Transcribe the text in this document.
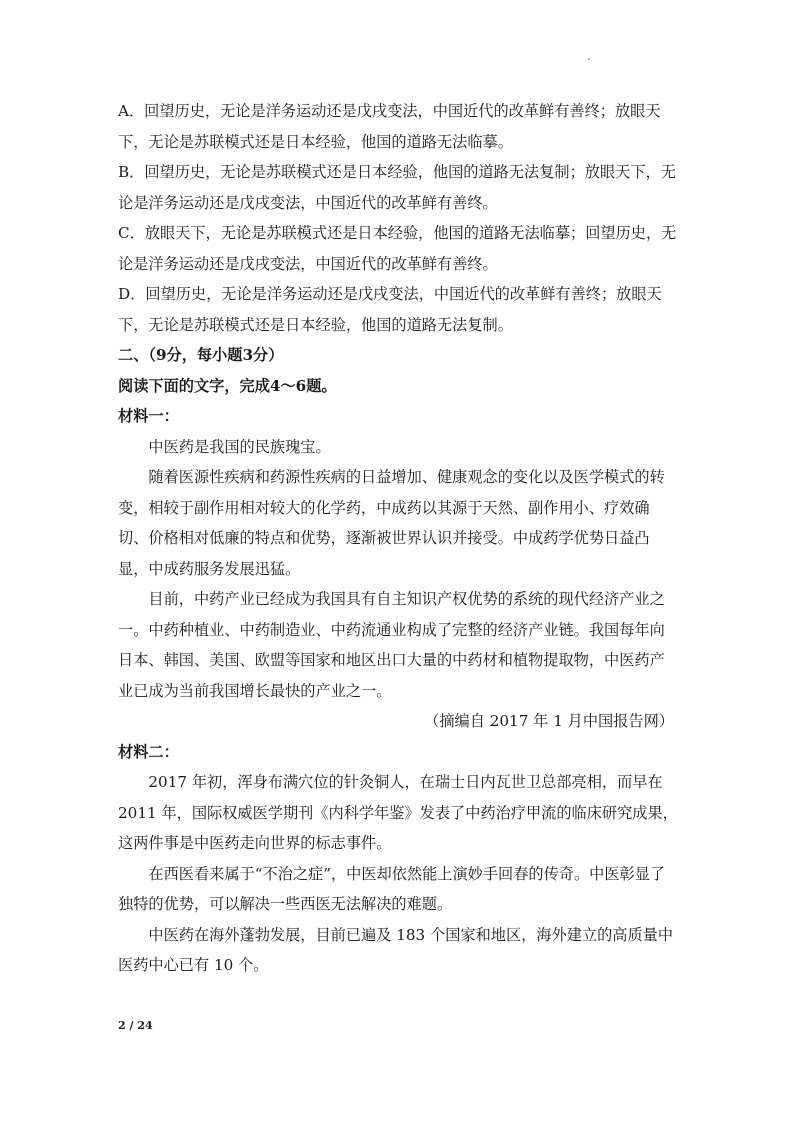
A．回望历史，无论是洋务运动还是戊戌变法，中国近代的改革鲜有善终；放眼天下，无论是苏联模式还是日本经验，他国的道路无法临摹。

B．回望历史，无论是苏联模式还是日本经验，他国的道路无法复制；放眼天下，无论是洋务运动还是戊戌变法，中国近代的改革鲜有善终。

C．放眼天下，无论是苏联模式还是日本经验，他国的道路无法临摹；回望历史，无论是洋务运动还是戊戌变法，中国近代的改革鲜有善终。

D．回望历史，无论是洋务运动还是戊戌变法，中国近代的改革鲜有善终；放眼天下，无论是苏联模式还是日本经验，他国的道路无法复制。

二、（9分，每小题3分）

阅读下面的文字，完成4～6题。

材料一：

中医药是我国的民族瑰宝。

随着医源性疾病和药源性疾病的日益增加、健康观念的变化以及医学模式的转变，相较于副作用相对较大的化学药，中成药以其源于天然、副作用小、疗效确切、价格相对低廉的特点和优势，逐渐被世界认识并接受。中成药学优势日益凸显，中成药服务发展迅猛。

目前，中药产业已经成为我国具有自主知识产权优势的系统的现代经济产业之一。中药种植业、中药制造业、中药流通业构成了完整的经济产业链。我国每年向日本、韩国、美国、欧盟等国家和地区出口大量的中药材和植物提取物，中医药产业已成为当前我国增长最快的产业之一。

（摘编自 2017 年 1 月中国报告网）

材料二：

2017 年初，浑身布满穴位的针灸铜人，在瑞士日内瓦世卫总部亮相，而早在 2011 年，国际权威医学期刊《内科学年鉴》发表了中药治疗甲流的临床研究成果，这两件事是中医药走向世界的标志事件。

在西医看来属于“不治之症”，中医却依然能上演妙手回春的传奇。中医彰显了独特的优势，可以解决一些西医无法解决的难题。

中医药在海外蓬勃发展，目前已遍及 183 个国家和地区，海外建立的高质量中医药中心已有 10 个。

2 / 24
